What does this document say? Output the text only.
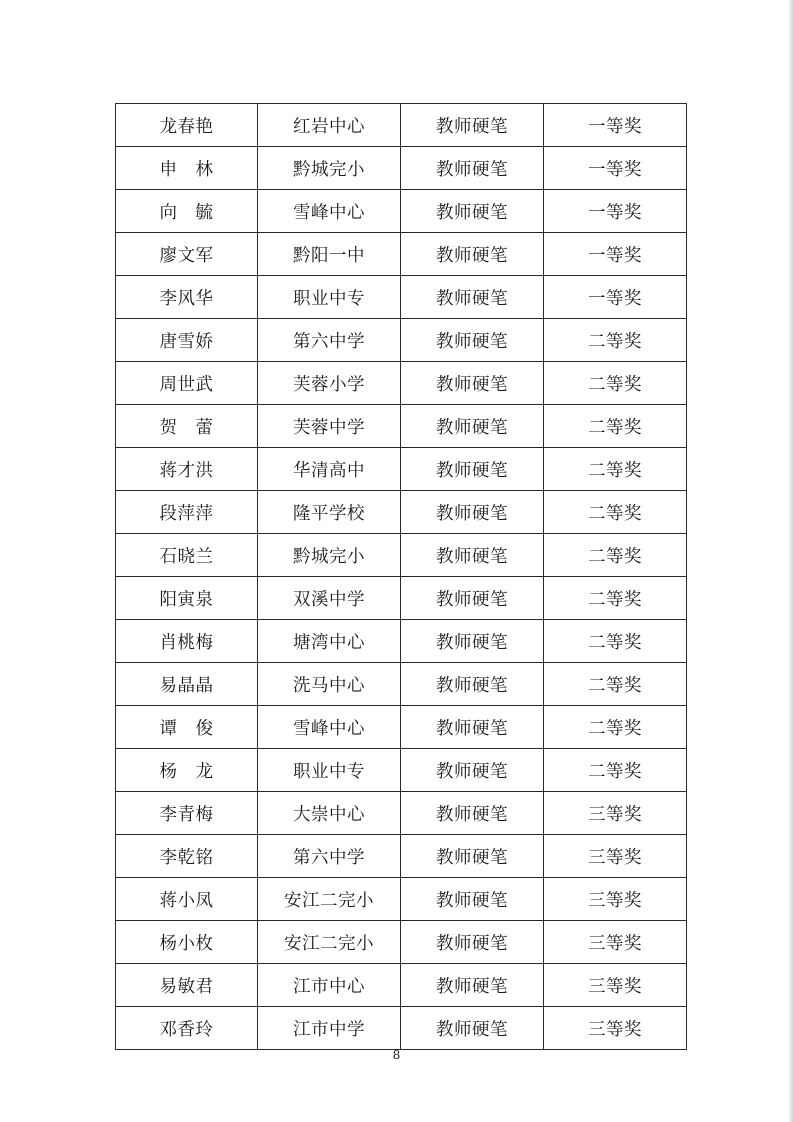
龙春艳	红岩中心	教师硬笔	一等奖
申　林	黔城完小	教师硬笔	一等奖
向　毓	雪峰中心	教师硬笔	一等奖
廖文军	黔阳一中	教师硬笔	一等奖
李风华	职业中专	教师硬笔	一等奖
唐雪娇	第六中学	教师硬笔	二等奖
周世武	芙蓉小学	教师硬笔	二等奖
贺　蕾	芙蓉中学	教师硬笔	二等奖
蒋才洪	华清高中	教师硬笔	二等奖
段萍萍	隆平学校	教师硬笔	二等奖
石晓兰	黔城完小	教师硬笔	二等奖
阳寅泉	双溪中学	教师硬笔	二等奖
肖桃梅	塘湾中心	教师硬笔	二等奖
易晶晶	洗马中心	教师硬笔	二等奖
谭　俊	雪峰中心	教师硬笔	二等奖
杨　龙	职业中专	教师硬笔	二等奖
李青梅	大崇中心	教师硬笔	三等奖
李乾铭	第六中学	教师硬笔	三等奖
蒋小凤	安江二完小	教师硬笔	三等奖
杨小枚	安江二完小	教师硬笔	三等奖
易敏君	江市中心	教师硬笔	三等奖
邓香玲	江市中学	教师硬笔	三等奖
8
